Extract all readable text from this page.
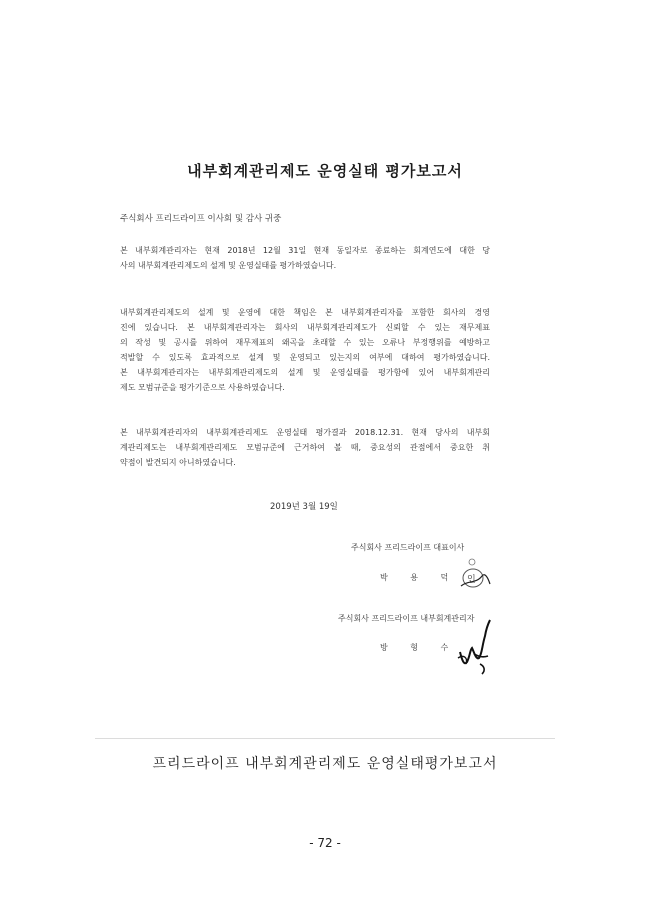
내부회계관리제도 운영실태 평가보고서
주식회사 프리드라이프 이사회 및 감사 귀중

본 내부회계관리자는 현재 2018년 12월 31일 현재 동일자로 종료하는 회계연도에 대한 당

사의 내부회계관리제도의 설계 및 운영실태를 평가하였습니다.

내부회계관리제도의 설계 및 운영에 대한 책임은 본 내부회계관리자를 포함한 회사의 경영

진에 있습니다. 본 내부회계관리자는 회사의 내부회계관리제도가 신뢰할 수 있는 재무제표

의 작성 및 공시를 위하여 재무제표의 왜곡을 초래할 수 있는 오류나 부정행위를 예방하고

적발할 수 있도록 효과적으로 설계 및 운영되고 있는지의 여부에 대하여 평가하였습니다.

본 내부회계관리자는 내부회계관리제도의 설계 및 운영실태를 평가함에 있어 내부회계관리

제도 모범규준을 평가기준으로 사용하였습니다.

본 내부회계관리자의 내부회계관리제도 운영실태 평가결과 2018.12.31. 현재 당사의 내부회

계관리제도는 내부회계관리제도 모범규준에 근거하여 볼 때, 중요성의 관점에서 중요한 취

약점이 발견되지 아니하였습니다.

2019년 3월 19일
주식회사 프리드라이프 대표이사
박 용 덕 인
주식회사 프리드라이프 내부회계관리자
방 형 수
프리드라이프 내부회계관리제도 운영실태평가보고서
- 72 -
